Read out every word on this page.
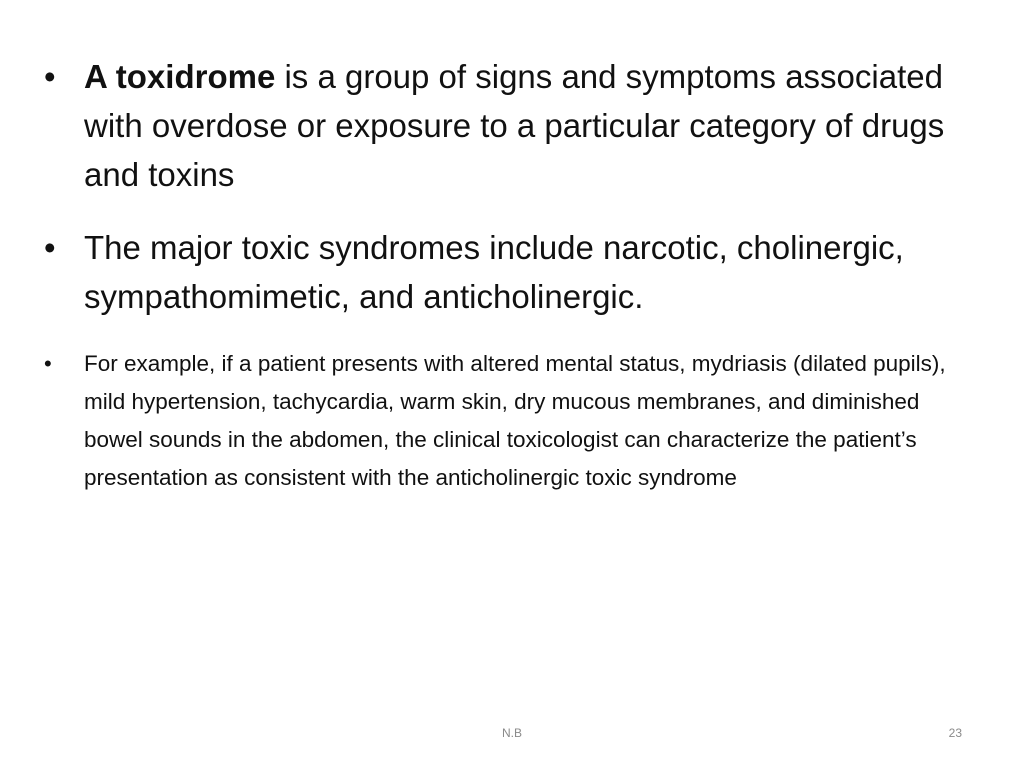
• A toxidrome is a group of signs and symptoms associated with overdose or exposure to a particular category of drugs and toxins
• The major toxic syndromes include narcotic, cholinergic, sympathomimetic, and anticholinergic.
• For example, if a patient presents with altered mental status, mydriasis (dilated pupils), mild hypertension, tachycardia, warm skin, dry mucous membranes, and diminished bowel sounds in the abdomen, the clinical toxicologist can characterize the patient’s presentation as consistent with the anticholinergic toxic syndrome
N.B	23
